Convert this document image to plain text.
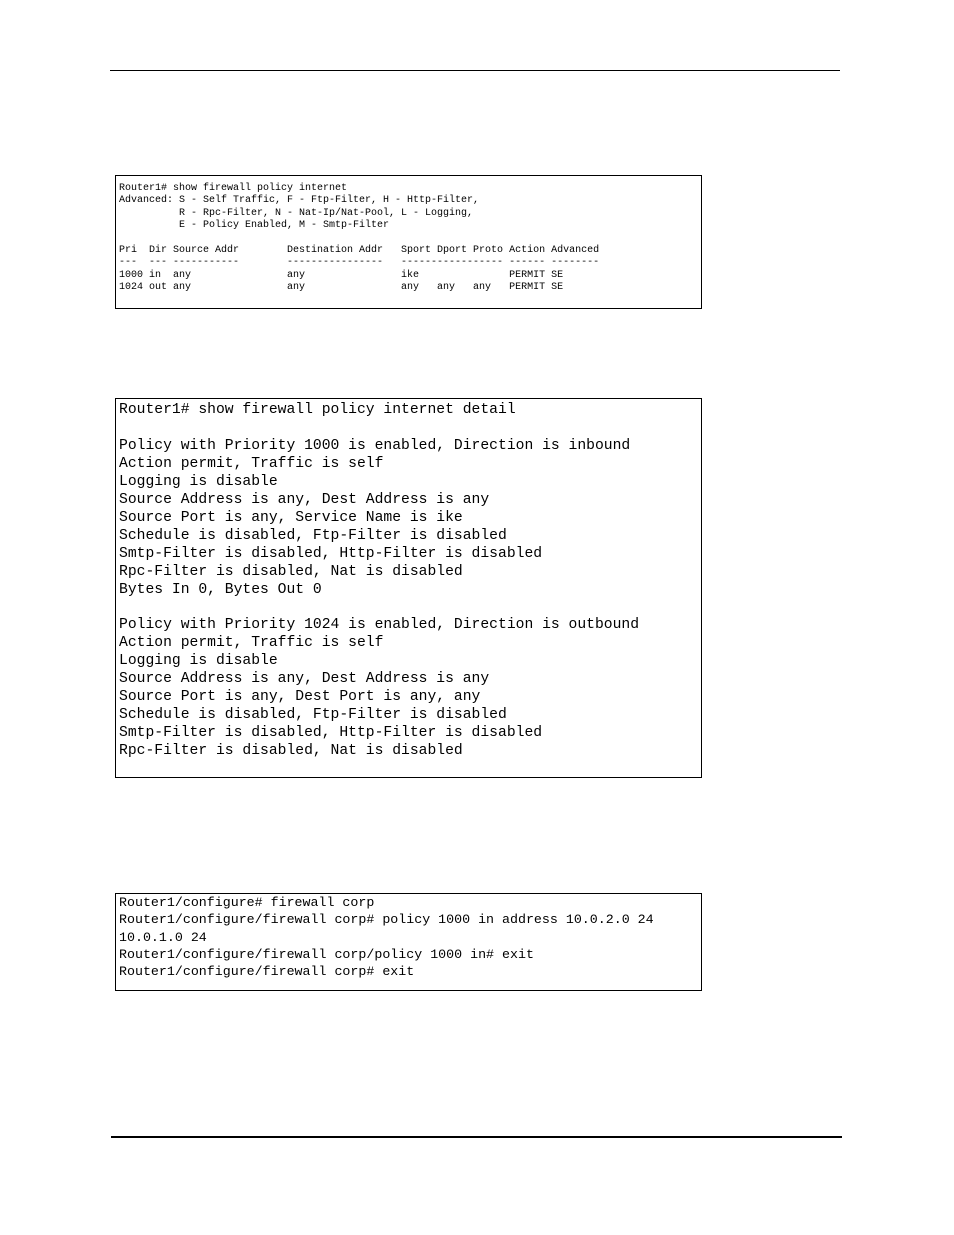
Router1# show firewall policy internet
Advanced: S - Self Traffic, F - Ftp-Filter, H - Http-Filter,
R - Rpc-Filter, N - Nat-Ip/Nat-Pool, L - Logging,
E - Policy Enabled, M - Smtp-Filter

Pri  Dir Source Addr        Destination Addr   Sport Dport Proto Action Advanced
---  --- -----------        ----------------   ----------------- ------ --------
1000 in  any                any                ike               PERMIT SE
1024 out any                any                any   any   any   PERMIT SE
Router1# show firewall policy internet detail

Policy with Priority 1000 is enabled, Direction is inbound
Action permit, Traffic is self
Logging is disable
Source Address is any, Dest Address is any
Source Port is any, Service Name is ike
Schedule is disabled, Ftp-Filter is disabled
Smtp-Filter is disabled, Http-Filter is disabled
Rpc-Filter is disabled, Nat is disabled
Bytes In 0, Bytes Out 0

Policy with Priority 1024 is enabled, Direction is outbound
Action permit, Traffic is self
Logging is disable
Source Address is any, Dest Address is any
Source Port is any, Dest Port is any, any
Schedule is disabled, Ftp-Filter is disabled
Smtp-Filter is disabled, Http-Filter is disabled
Rpc-Filter is disabled, Nat is disabled
Router1/configure# firewall corp
Router1/configure/firewall corp# policy 1000 in address 10.0.2.0 24
10.0.1.0 24
Router1/configure/firewall corp/policy 1000 in# exit
Router1/configure/firewall corp# exit
